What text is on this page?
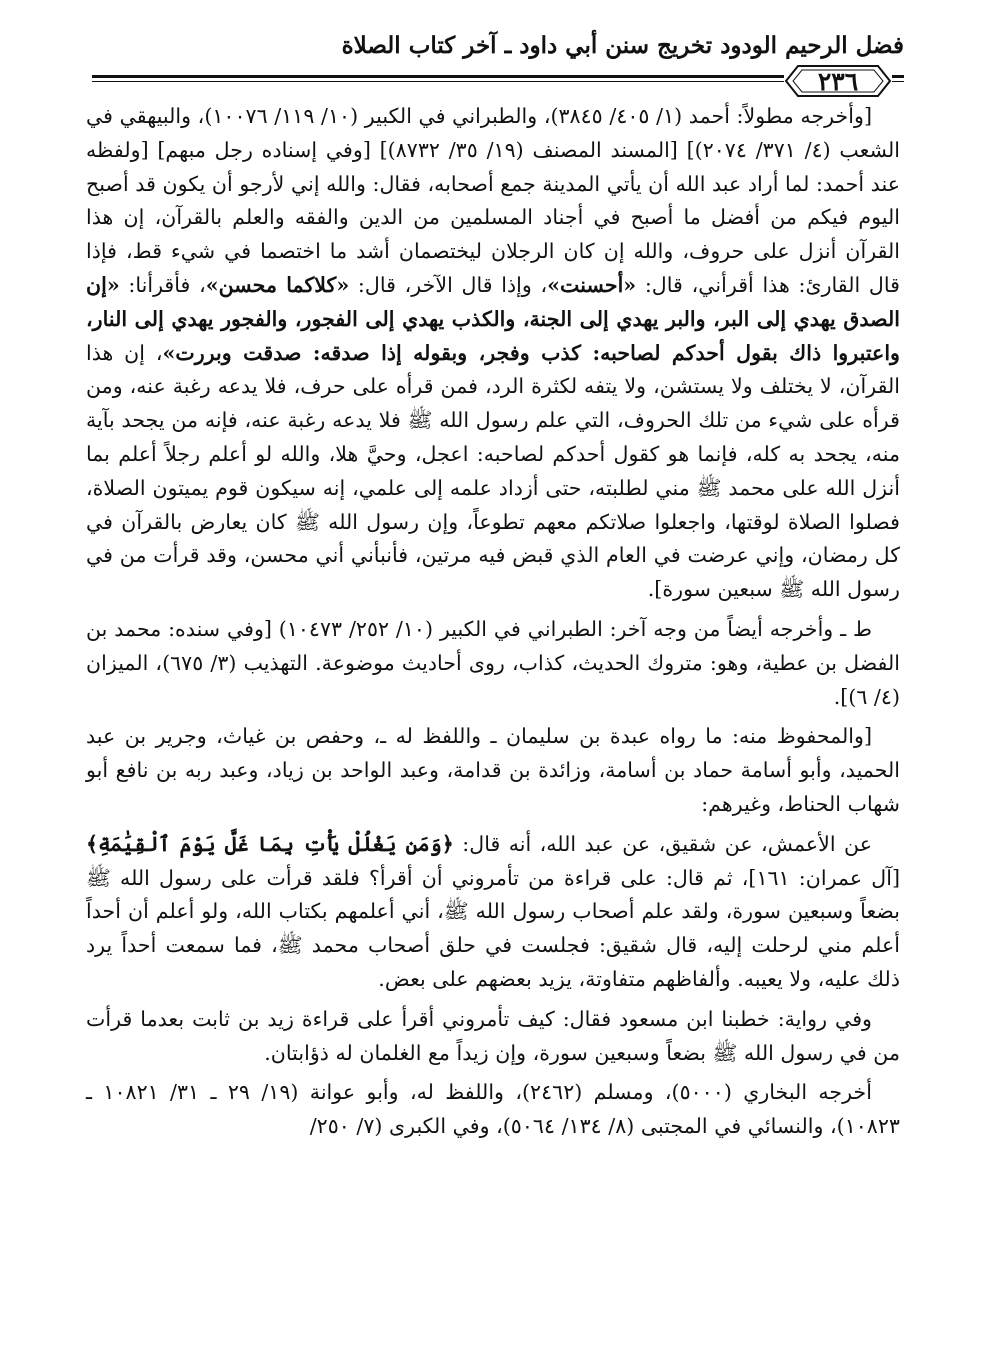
فضل الرحيم الودود تخريج سنن أبي داود ـ آخر كتاب الصلاة
٢٣٦

[وأخرجه مطولاً: أحمد (١/ ٤٠٥/ ٣٨٤٥)، والطبراني في الكبير (١٠/ ١١٩/ ١٠٠٧٦)، والبيهقي في الشعب (٤/ ٣٧١/ ٢٠٧٤)] [المسند المصنف (١٩/ ٣٥/ ٨٧٣٢)] [وفي إسناده رجل مبهم] [ولفظه عند أحمد: لما أراد عبد الله أن يأتي المدينة جمع أصحابه، فقال: والله إني لأرجو أن يكون قد أصبح اليوم فيكم من أفضل ما أصبح في أجناد المسلمين من الدين والفقه والعلم بالقرآن، إن هذا القرآن أنزل على حروف، والله إن كان الرجلان ليختصمان أشد ما اختصما في شيء قط، فإذا قال القارئ: هذا أقرأني، قال: «أحسنت»، وإذا قال الآخر، قال: «كلاكما محسن»، فأقرأنا: «إن الصدق يهدي إلى البر، والبر يهدي إلى الجنة، والكذب يهدي إلى الفجور، والفجور يهدي إلى النار، واعتبروا ذاك بقول أحدكم لصاحبه: كذب وفجر، وبقوله إذا صدقه: صدقت وبررت»، إن هذا القرآن، لا يختلف ولا يستشن، ولا يتفه لكثرة الرد، فمن قرأه على حرف، فلا يدعه رغبة عنه، ومن قرأه على شيء من تلك الحروف، التي علم رسول الله ﷺ فلا يدعه رغبة عنه، فإنه من يجحد بآية منه، يجحد به كله، فإنما هو كقول أحدكم لصاحبه: اعجل، وحيَّ هلا، والله لو أعلم رجلاً أعلم بما أنزل الله على محمد ﷺ مني لطلبته، حتى أزداد علمه إلى علمي، إنه سيكون قوم يميتون الصلاة، فصلوا الصلاة لوقتها، واجعلوا صلاتكم معهم تطوعاً، وإن رسول الله ﷺ كان يعارض بالقرآن في كل رمضان، وإني عرضت في العام الذي قبض فيه مرتين، فأنبأني أني محسن، وقد قرأت من في رسول الله ﷺ سبعين سورة].

ط ـ وأخرجه أيضاً من وجه آخر: الطبراني في الكبير (١٠/ ٢٥٢/ ١٠٤٧٣) [وفي سنده: محمد بن الفضل بن عطية، وهو: متروك الحديث، كذاب، روى أحاديث موضوعة. التهذيب (٣/ ٦٧٥)، الميزان (٤/ ٦)].

[والمحفوظ منه: ما رواه عبدة بن سليمان ـ واللفظ له ـ، وحفص بن غياث، وجرير بن عبد الحميد، وأبو أسامة حماد بن أسامة، وزائدة بن قدامة، وعبد الواحد بن زياد، وعبد ربه بن نافع أبو شهاب الحناط، وغيرهم:

عن الأعمش، عن شقيق، عن عبد الله، أنه قال: ﴿وَمَن يَغْلُلْ يَأْتِ بِمَا غَلَّ يَوْمَ ٱلْقِيَٰمَةِ﴾ [آل عمران: ١٦١]، ثم قال: على قراءة من تأمروني أن أقرأ؟ فلقد قرأت على رسول الله ﷺ بضعاً وسبعين سورة، ولقد علم أصحاب رسول الله ﷺ، أني أعلمهم بكتاب الله، ولو أعلم أن أحداً أعلم مني لرحلت إليه، قال شقيق: فجلست في حلق أصحاب محمد ﷺ، فما سمعت أحداً يرد ذلك عليه، ولا يعيبه. وألفاظهم متفاوتة، يزيد بعضهم على بعض.

وفي رواية: خطبنا ابن مسعود فقال: كيف تأمروني أقرأ على قراءة زيد بن ثابت بعدما قرأت من في رسول الله ﷺ بضعاً وسبعين سورة، وإن زيداً مع الغلمان له ذؤابتان.

أخرجه البخاري (٥٠٠٠)، ومسلم (٢٤٦٢)، واللفظ له، وأبو عوانة (١٩/ ٢٩ ـ ٣١/ ١٠٨٢١ ـ ١٠٨٢٣)، والنسائي في المجتبى (٨/ ١٣٤/ ٥٠٦٤)، وفي الكبرى (٧/ ٢٥٠/
